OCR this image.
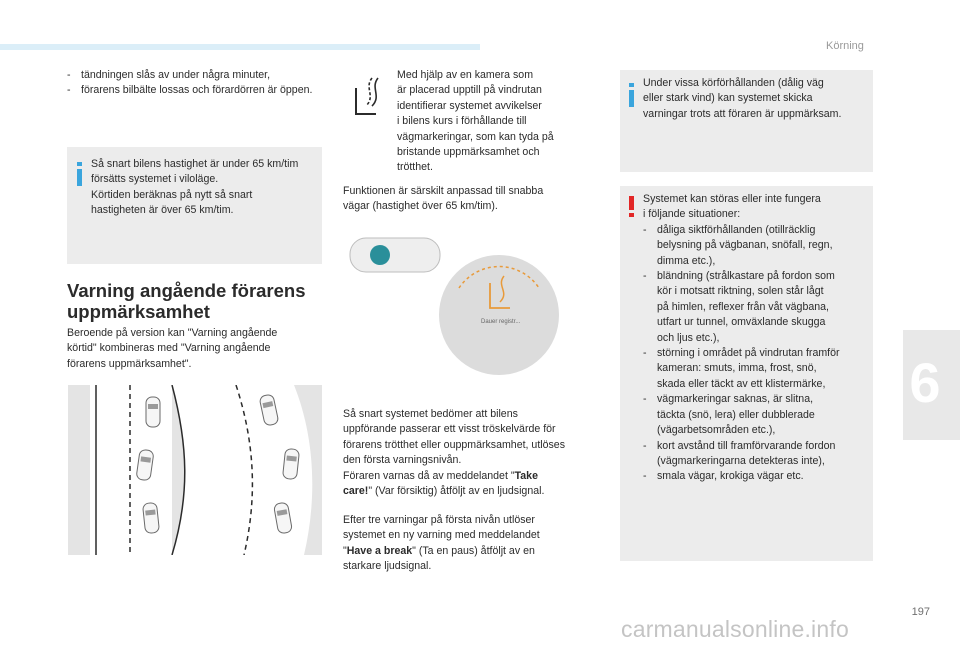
Körning
6
197
carmanualsonline.info
- tändningen slås av under några minuter,
- förarens bilbälte lossas och förardörren är öppen.
Så snart bilens hastighet är under 65 km/tim
försätts systemet i viloläge.
Körtiden beräknas på nytt så snart
hastigheten är över 65 km/tim.
Varning angående förarens
uppmärksamhet
Beroende på version kan "Varning angående
körtid" kombineras med "Varning angående
förarens uppmärksamhet".
Med hjälp av en kamera som
är placerad upptill på vindrutan
identifierar systemet avvikelser
i bilens kurs i förhållande till
vägmarkeringar, som kan tyda på
bristande uppmärksamhet och
trötthet.
Funktionen är särskilt anpassad till snabba
vägar (hastighet över 65 km/tim).
Dauer registr...
Så snart systemet bedömer att bilens
uppförande passerar ett visst tröskelvärde för
förarens trötthet eller ouppmärksamhet, utlöses
den första varningsnivån.
Föraren varnas då av meddelandet "Take
care!" (Var försiktig) åtföljt av en ljudsignal.
Efter tre varningar på första nivån utlöser
systemet en ny varning med meddelandet
"Have a break" (Ta en paus) åtföljt av en
starkare ljudsignal.
Under vissa körförhållanden (dålig väg
eller stark vind) kan systemet skicka
varningar trots att föraren är uppmärksam.
Systemet kan störas eller inte fungera
i följande situationer:
- dåliga siktförhållanden (otillräcklig
belysning på vägbanan, snöfall, regn,
dimma etc.),
- bländning (strålkastare på fordon som
kör i motsatt riktning, solen står lågt
på himlen, reflexer från våt vägbana,
utfart ur tunnel, omväxlande skugga
och ljus etc.),
- störning i området på vindrutan framför
kameran: smuts, imma, frost, snö,
skada eller täckt av ett klistermärke,
- vägmarkeringar saknas, är slitna,
täckta (snö, lera) eller dubblerade
(vägarbetsområden etc.),
- kort avstånd till framförvarande fordon
(vägmarkeringarna detekteras inte),
- smala vägar, krokiga vägar etc.
